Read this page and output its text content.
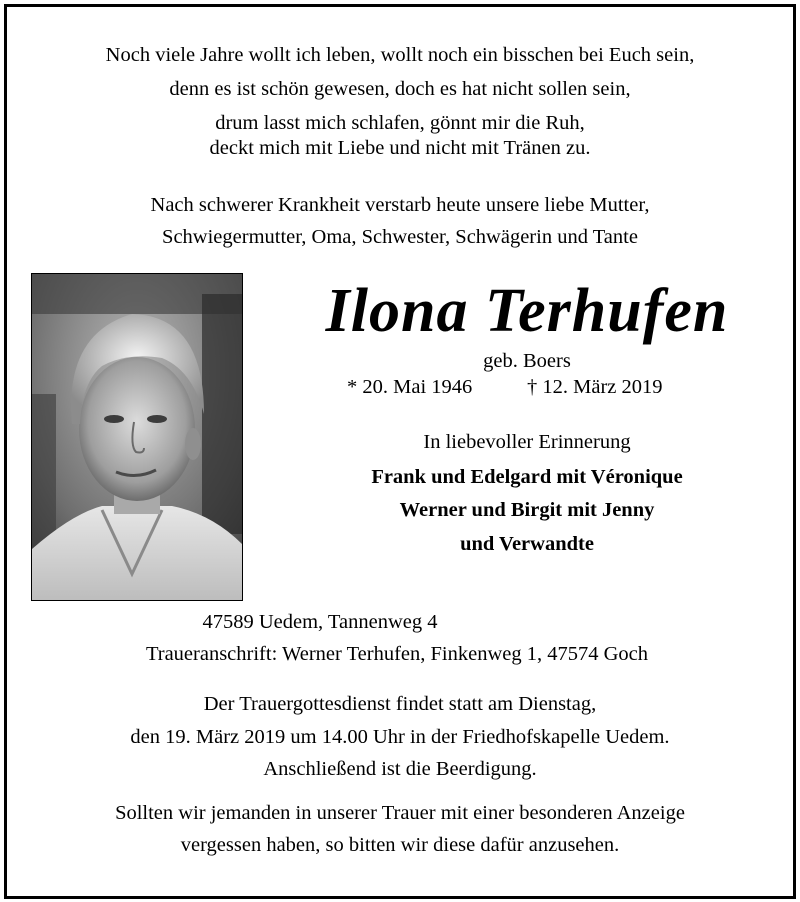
Noch viele Jahre wollt ich leben, wollt noch ein bisschen bei Euch sein,
denn es ist schön gewesen, doch es hat nicht sollen sein,
drum lasst mich schlafen, gönnt mir die Ruh,
deckt mich mit Liebe und nicht mit Tränen zu.
Nach schwerer Krankheit verstarb heute unsere liebe Mutter,
Schwiegermutter, Oma, Schwester, Schwägerin und Tante
Ilona Terhufen
geb. Boers
* 20. Mai 1946	† 12. März 2019
In liebevoller Erinnerung
Frank und Edelgard mit Véronique
Werner und Birgit mit Jenny
und Verwandte
47589 Uedem, Tannenweg 4
Traueranschrift: Werner Terhufen, Finkenweg 1, 47574 Goch
Der Trauergottesdienst findet statt am Dienstag,
den 19. März 2019 um 14.00 Uhr in der Friedhofskapelle Uedem.
Anschließend ist die Beerdigung.
Sollten wir jemanden in unserer Trauer mit einer besonderen Anzeige
vergessen haben, so bitten wir diese dafür anzusehen.
